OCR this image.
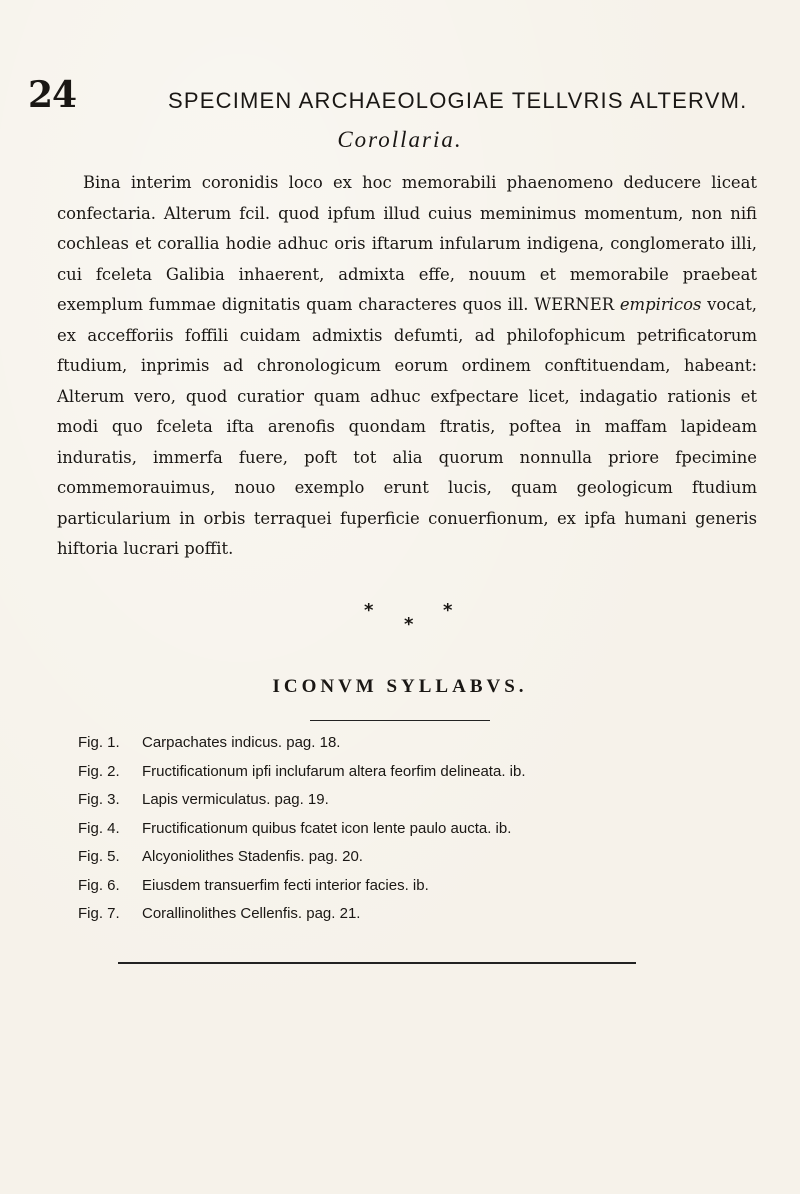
24	SPECIMEN ARCHAEOLOGIAE TELLVRIS ALTERVM.
Corollaria.

Bina interim coronidis loco ex hoc memorabili phaenomeno deducere liceat confectaria. Alterum fcil. quod ipfum illud cuius meminimus momentum, non nifi cochleas et corallia hodie adhuc oris iftarum infularum indigena, conglomerato illi, cui fceleta Galibia inhaerent, admixta effe, nouum et memorabile praebeat exemplum fummae dignitatis quam characteres quos ill. WERNER empiricos vocat, ex accefforiis foffili cuidam admixtis defumti, ad philofophicum petrificatorum ftudium, inprimis ad chronologicum eorum ordinem conftituendam, habeant: Alterum vero, quod curatior quam adhuc exfpectare licet, indagatio rationis et modi quo fceleta ifta arenofis quondam ftratis, poftea in maffam lapideam induratis, immerfa fuere, poft tot alia quorum nonnulla priore fpecimine commemorauimus, nouo exemplo erunt lucis, quam geologicum ftudium particularium in orbis terraquei fuperficie conuerfionum, ex ipfa humani generis hiftoria lucrari poffit.

*	*
*
ICONVM SYLLABVS.
Fig. 1. Carpachates indicus. pag. 18.
Fig. 2. Fructificationum ipfi inclufarum altera feorfim delineata. ib.
Fig. 3. Lapis vermiculatus. pag. 19.
Fig. 4. Fructificationum quibus fcatet icon lente paulo aucta. ib.
Fig. 5. Alcyoniolithes Stadenfis. pag. 20.
Fig. 6. Eiusdem transuerfim fecti interior facies. ib.
Fig. 7. Corallinolithes Cellenfis. pag. 21.
